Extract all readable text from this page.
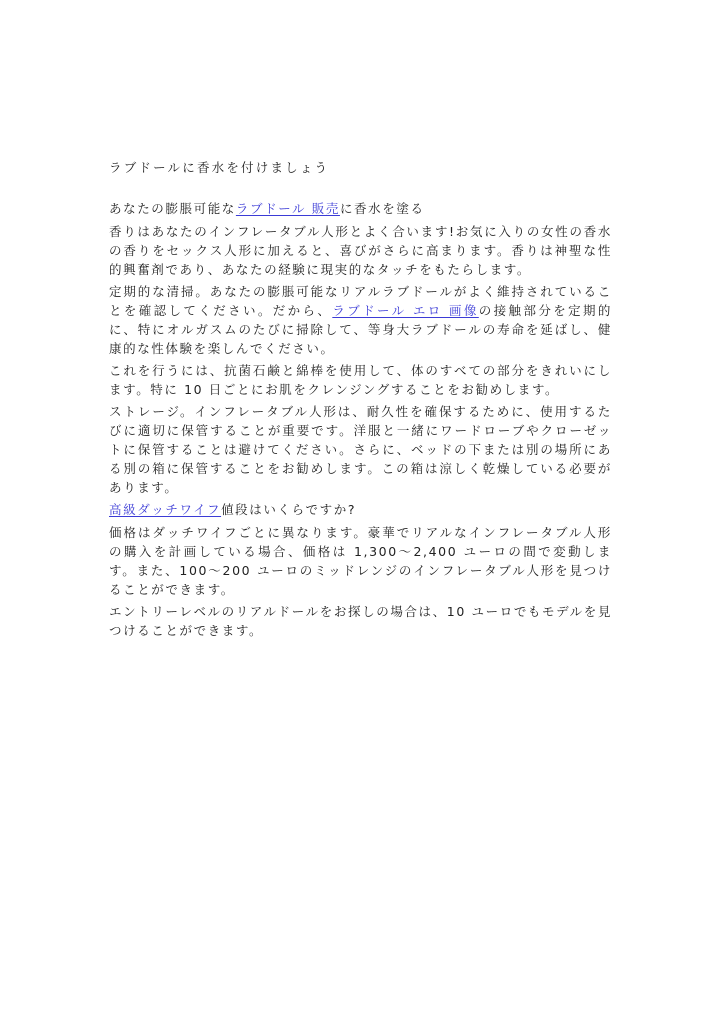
ラブドールに香水を付けましょう

あなたの膨脹可能なラブドール 販売に香水を塗る

香りはあなたのインフレータブル人形とよく合います!お気に入りの女性の香水の香りをセックス人形に加えると、喜びがさらに高まります。香りは神聖な性的興奮剤であり、あなたの経験に現実的なタッチをもたらします。

定期的な清掃。あなたの膨脹可能なリアルラブドールがよく維持されていることを確認してください。だから、ラブドール エロ 画像の接触部分を定期的に、特にオルガスムのたびに掃除して、等身大ラブドールの寿命を延ばし、健康的な性体験を楽しんでください。

これを行うには、抗菌石鹸と綿棒を使用して、体のすべての部分をきれいにします。特に 10 日ごとにお肌をクレンジングすることをお勧めします。

ストレージ。インフレータブル人形は、耐久性を確保するために、使用するたびに適切に保管することが重要です。洋服と一緒にワードローブやクローゼットに保管することは避けてください。さらに、ベッドの下または別の場所にある別の箱に保管することをお勧めします。この箱は涼しく乾燥している必要があります。

高級ダッチワイフ値段はいくらですか?

価格はダッチワイフごとに異なります。豪華でリアルなインフレータブル人形の購入を計画している場合、価格は 1,300〜2,400 ユーロの間で変動します。また、100〜200 ユーロのミッドレンジのインフレータブル人形を見つけることができます。

エントリーレベルのリアルドールをお探しの場合は、10 ユーロでもモデルを見つけることができます。
